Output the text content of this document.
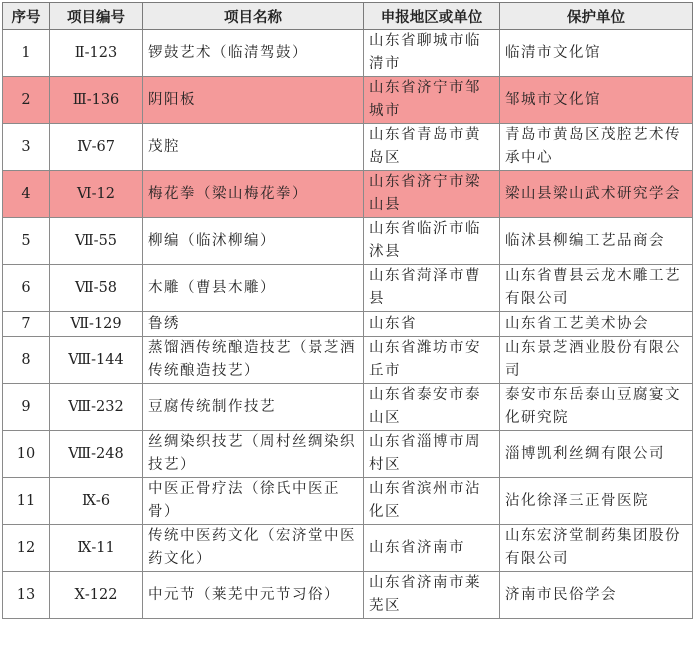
序号	项目编号	项目名称	申报地区或单位	保护单位
1	Ⅱ-123	锣鼓艺术（临清驾鼓）	山东省聊城市临清市	临清市文化馆
2	Ⅲ-136	阴阳板	山东省济宁市邹城市	邹城市文化馆
3	Ⅳ-67	茂腔	山东省青岛市黄岛区	青岛市黄岛区茂腔艺术传承中心
4	Ⅵ-12	梅花拳（梁山梅花拳）	山东省济宁市梁山县	梁山县梁山武术研究学会
5	Ⅶ-55	柳编（临沭柳编）	山东省临沂市临沭县	临沭县柳编工艺品商会
6	Ⅶ-58	木雕（曹县木雕）	山东省菏泽市曹县	山东省曹县云龙木雕工艺有限公司
7	Ⅶ-129	鲁绣	山东省	山东省工艺美术协会
8	Ⅷ-144	蒸馏酒传统酿造技艺（景芝酒传统酿造技艺）	山东省潍坊市安丘市	山东景芝酒业股份有限公司
9	Ⅷ-232	豆腐传统制作技艺	山东省泰安市泰山区	泰安市东岳泰山豆腐宴文化研究院
10	Ⅷ-248	丝绸染织技艺（周村丝绸染织技艺）	山东省淄博市周村区	淄博凯利丝绸有限公司
11	Ⅸ-6	中医正骨疗法（徐氏中医正骨）	山东省滨州市沾化区	沾化徐泽三正骨医院
12	Ⅸ-11	传统中医药文化（宏济堂中医药文化）	山东省济南市	山东宏济堂制药集团股份有限公司
13	Ⅹ-122	中元节（莱芜中元节习俗）	山东省济南市莱芜区	济南市民俗学会
